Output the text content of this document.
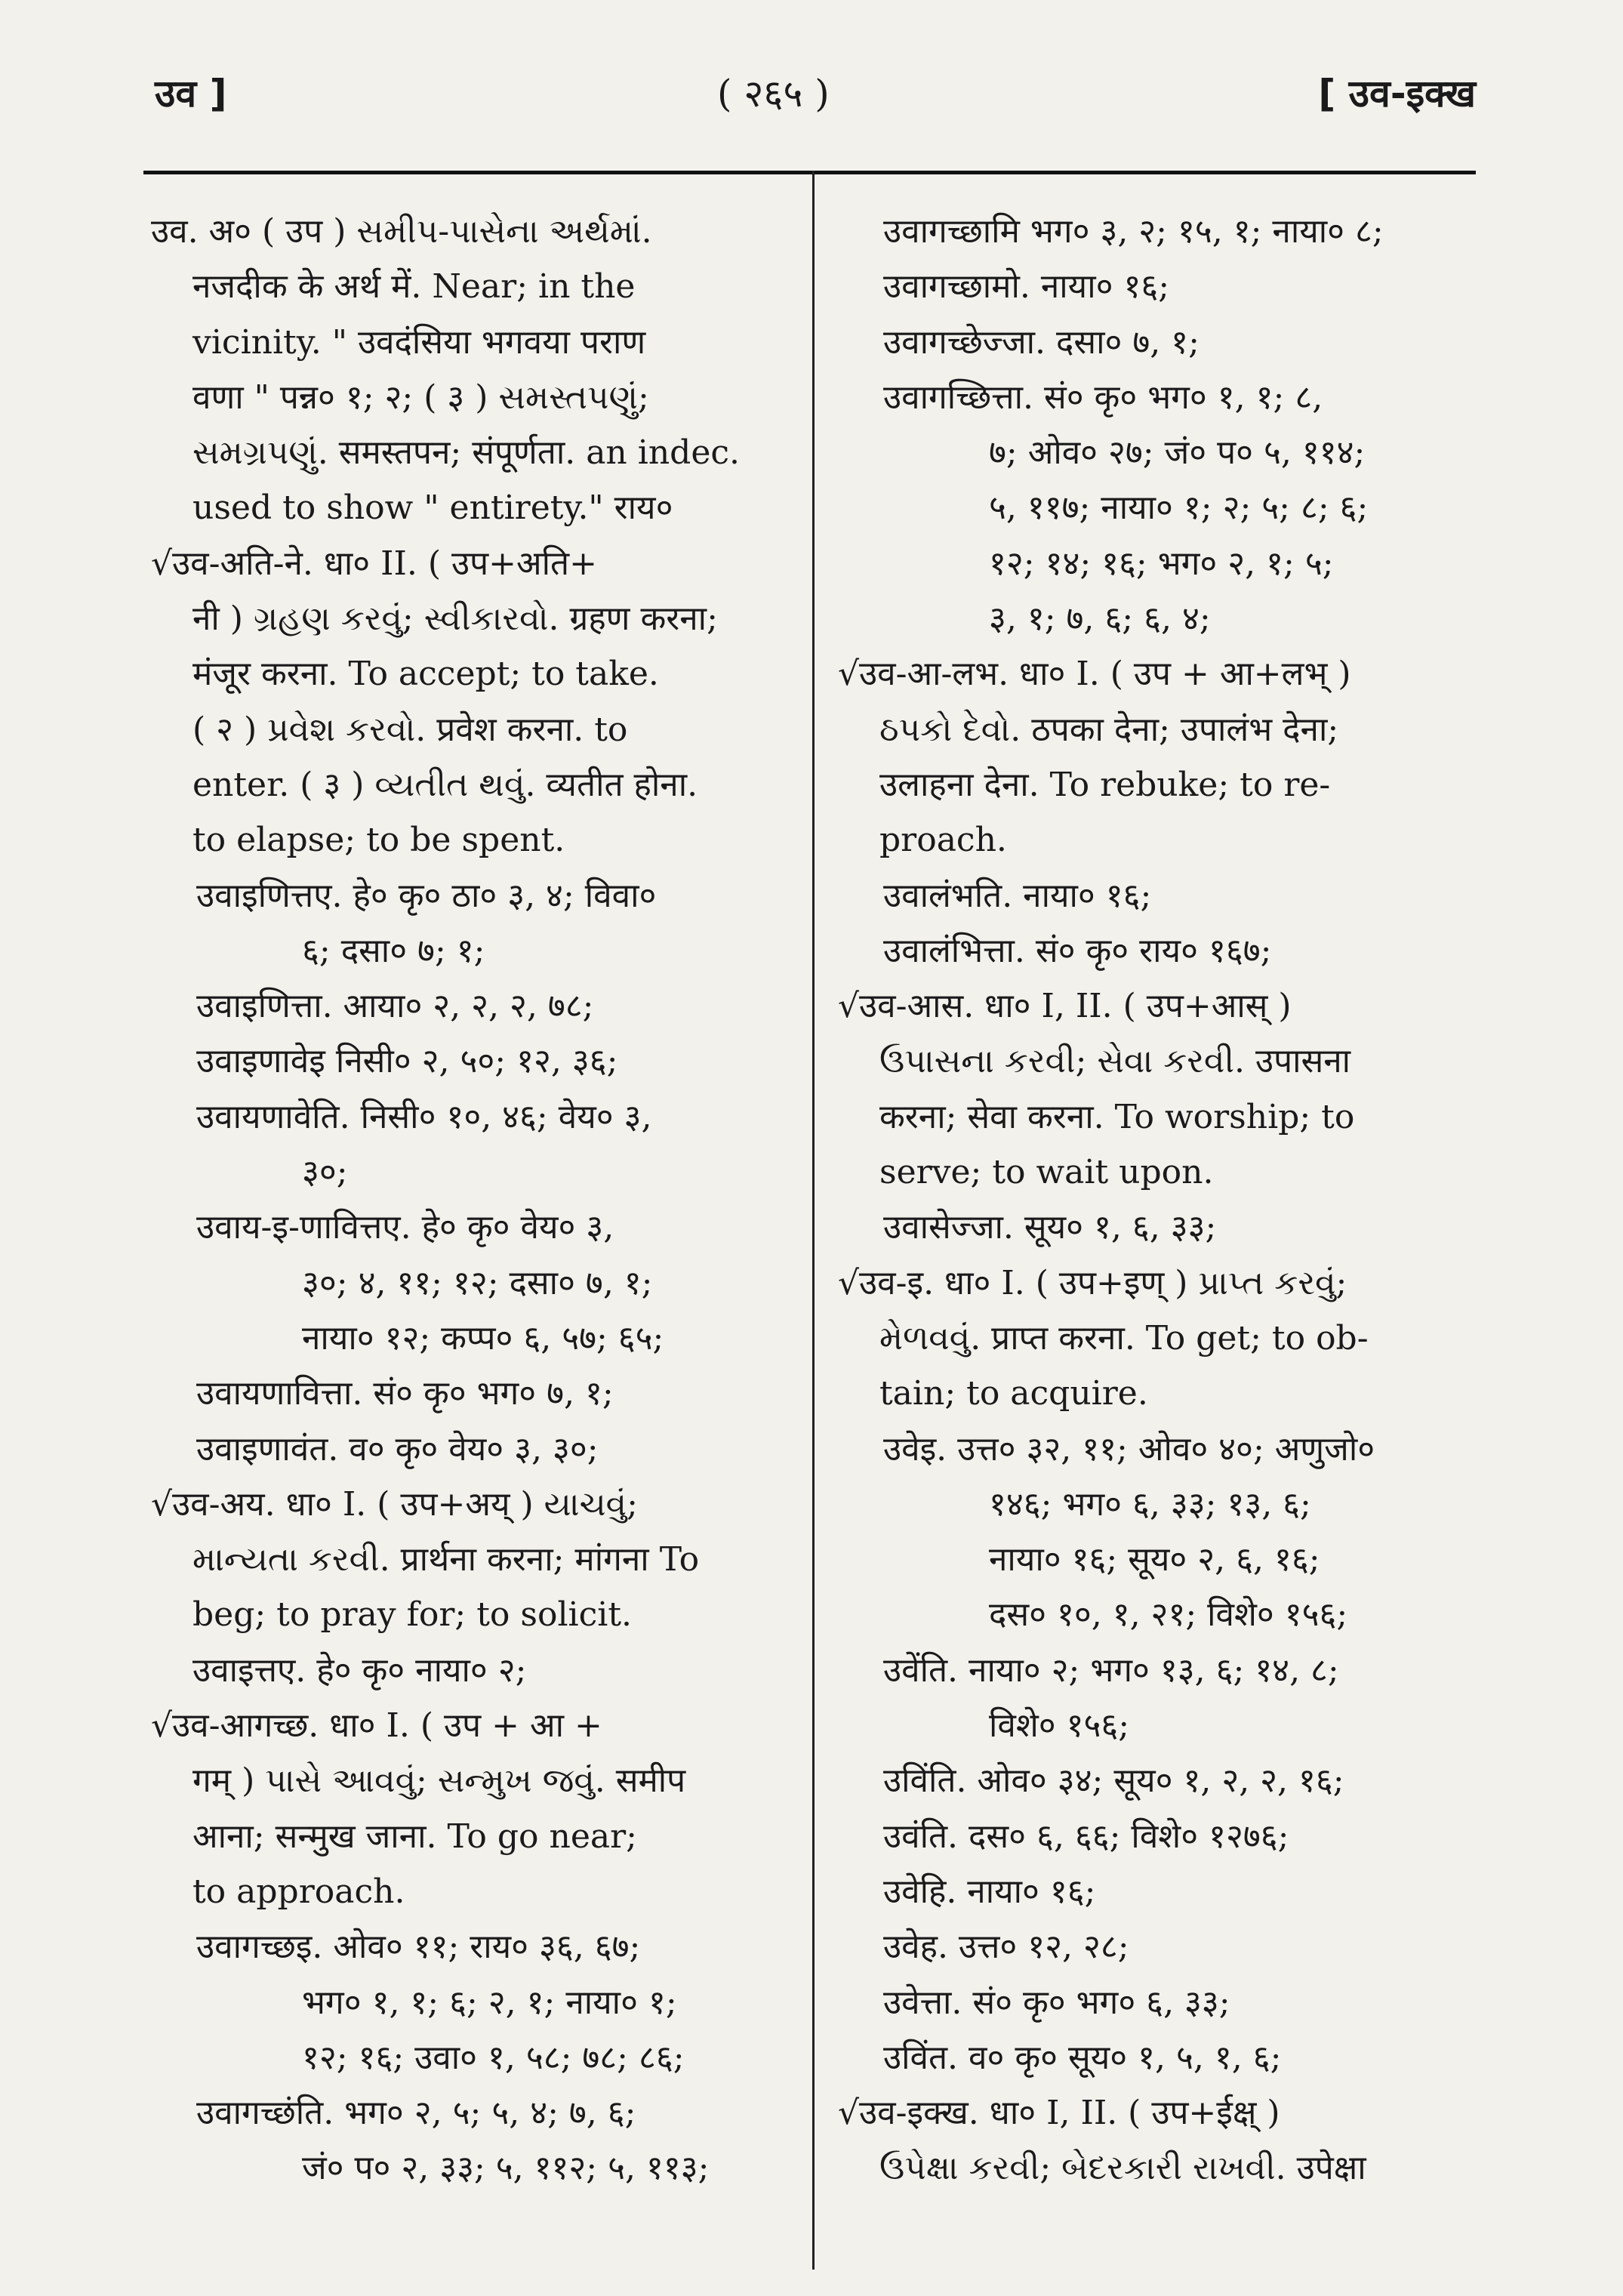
उव ]	( २६५ )	[ उव-इक्ख
उव. अ० ( उप ) સમીપ-પાસેના અર્થમાં.
नजदीक के अर्थ में. Near; in the
vicinity. " उवदंसिया भगवया पराण
वणा " पन्न० १; २; ( ३ ) સમસ્તપણું;
સમગ્રપણું. समस्तपन; संपूर्णता. an indec.
used to show " entirety." राय०
√उव-अति-ने. धा० II. ( उप+अति+
नी ) ગ્રહણ કરવું; સ્વીકારવો. ग्रहण करना;
मंजूर करना. To accept; to take.
( २ ) પ્રવેશ કરવો. प्रवेश करना. to
enter. ( ३ ) વ્યતીત થવું. व्यतीत होना.
to elapse; to be spent.
उवाइणित्तए. हे० कृ० ठा० ३, ४; विवा०
६; दसा० ७; १;
उवाइणित्ता. आया० २, २, २, ७८;
उवाइणावेइ निसी० २, ५०; १२, ३६;
उवायणावेति. निसी० १०, ४६; वेय० ३,
३०;
उवाय-इ-णावित्तए. हे० कृ० वेय० ३,
३०; ४, ११; १२; दसा० ७, १;
नाया० १२; कप्प० ६, ५७; ६५;
उवायणावित्ता. सं० कृ० भग० ७, १;
उवाइणावंत. व० कृ० वेय० ३, ३०;
√उव-अय. धा० I. ( उप+अय् ) યાચવું;
માન્યતા કરવી. प्रार्थना करना; मांगना To
beg; to pray for; to solicit.
उवाइत्तए. हे० कृ० नाया० २;
√उव-आगच्छ. धा० I. ( उप + आ +
गम् ) પાસે આવવું; સન્મુખ જવું. समीप
आना; सन्मुख जाना. To go near;
to approach.
उवागच्छइ. ओव० ११; राय० ३६, ६७;
भग० १, १; ६; २, १; नाया० १;
१२; १६; उवा० १, ५८; ७८; ८६;
उवागच्छंति. भग० २, ५; ५, ४; ७, ६;
जं० प० २, ३३; ५, ११२; ५, ११३;
उवागच्छामि भग० ३, २; १५, १; नाया० ८;
उवागच्छामो. नाया० १६;
उवागच्छेज्जा. दसा० ७, १;
उवागच्छित्ता. सं० कृ० भग० १, १; ८,
७; ओव० २७; जं० प० ५, ११४;
५, ११७; नाया० १; २; ५; ८; ६;
१२; १४; १६; भग० २, १; ५;
३, १; ७, ६; ६, ४;
√उव-आ-लभ. धा० I. ( उप + आ+लभ् )
ઠપકો દેવો. ठपका देना; उपालंभ देना;
उलाहना देना. To rebuke; to re-
proach.
उवालंभति. नाया० १६;
उवालंभित्ता. सं० कृ० राय० १६७;
√उव-आस. धा० I, II. ( उप+आस् )
ઉપાસના કરવી; સેવા કરવી. उपासना
करना; सेवा करना. To worship; to
serve; to wait upon.
उवासेज्जा. सूय० १, ६, ३३;
√उव-इ. धा० I. ( उप+इण् ) પ્રાપ્ત કરવું;
મેળવવું. प्राप्त करना. To get; to ob-
tain; to acquire.
उवेइ. उत्त० ३२, ११; ओव० ४०; अणुजो०
१४६; भग० ६, ३३; १३, ६;
नाया० १६; सूय० २, ६, १६;
दस० १०, १, २१; विशे० १५६;
उवेंति. नाया० २; भग० १३, ६; १४, ८;
विशे० १५६;
उविंति. ओव० ३४; सूय० १, २, २, १६;
उवंति. दस० ६, ६६; विशे० १२७६;
उवेहि. नाया० १६;
उवेह. उत्त० १२, २८;
उवेत्ता. सं० कृ० भग० ६, ३३;
उविंत. व० कृ० सूय० १, ५, १, ६;
√उव-इक्ख. धा० I, II. ( उप+ईक्ष् )
ઉપેક્ષા કરવી; બેદરકારી રાખવી. उपेक्षा
